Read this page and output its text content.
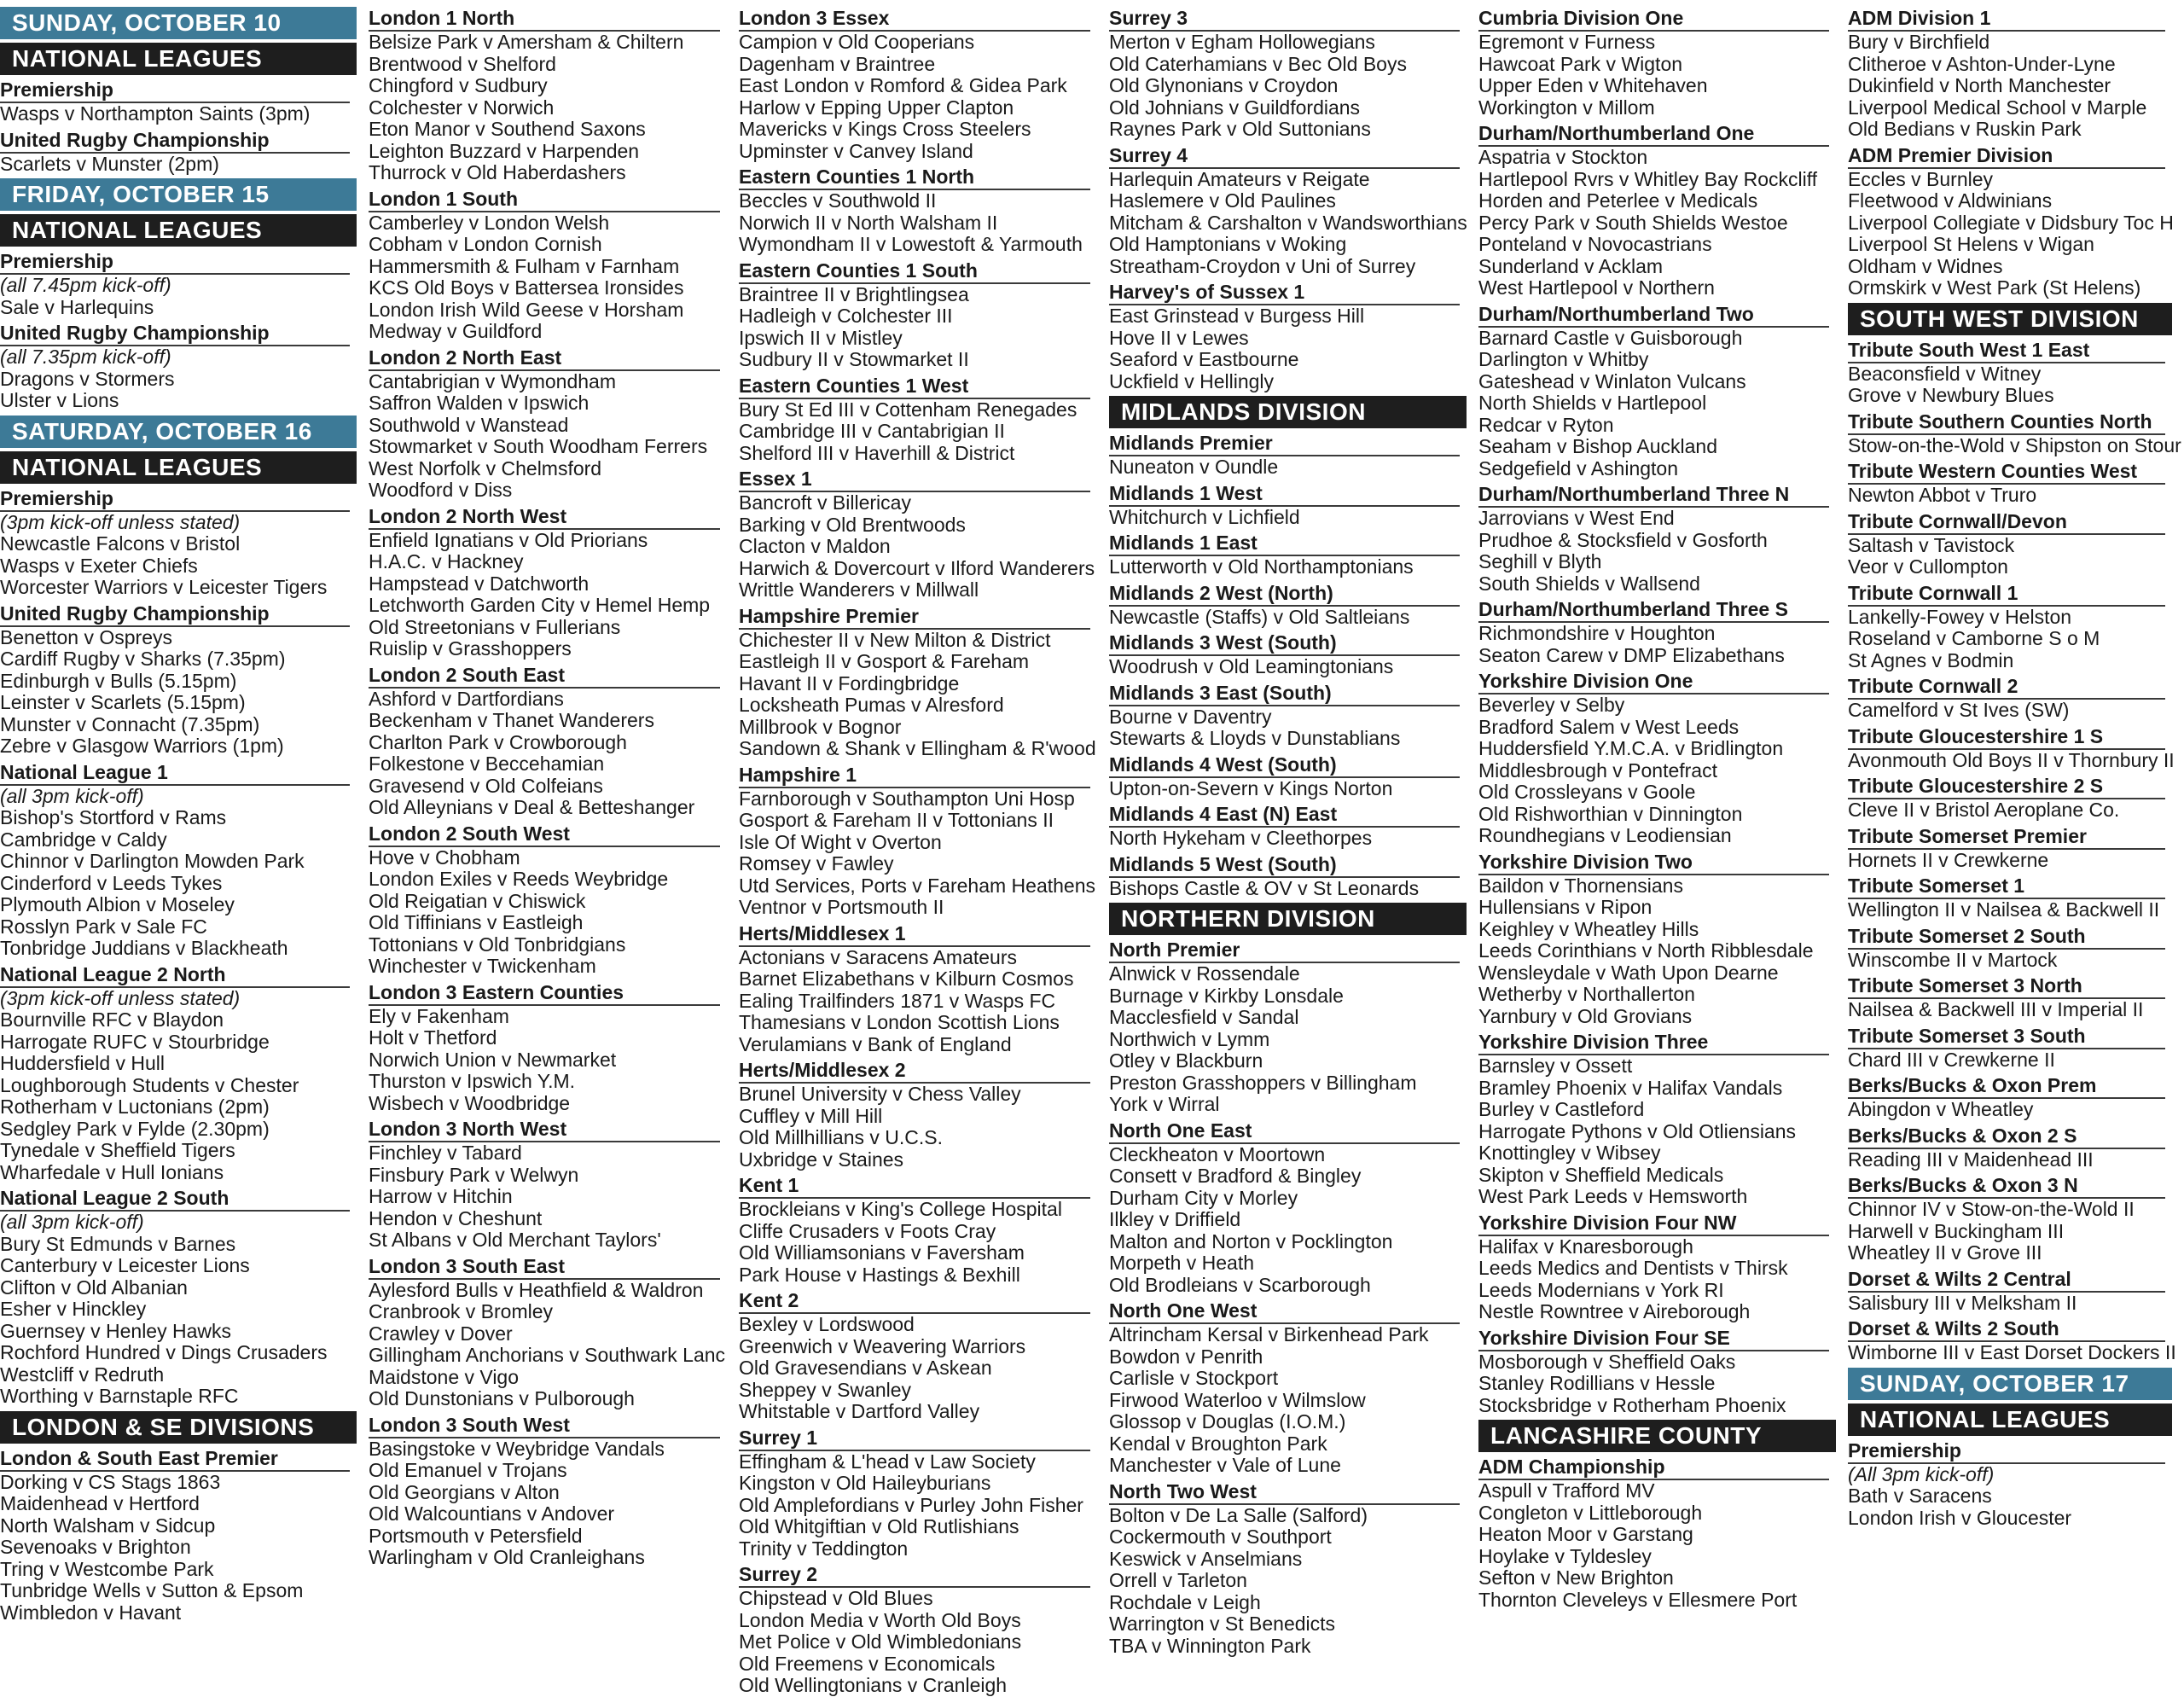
SUNDAY, OCTOBER 10
NATIONAL LEAGUES
Premiership
Wasps v Northampton Saints (3pm)
United Rugby Championship
Scarlets v Munster (2pm)
FRIDAY, OCTOBER 15
NATIONAL LEAGUES
Premiership
(all 7.45pm kick-off)
Sale v Harlequins
United Rugby Championship
(all 7.35pm kick-off)
Dragons v Stormers
Ulster v Lions
SATURDAY, OCTOBER 16
NATIONAL LEAGUES
Premiership
(3pm kick-off unless stated)
Newcastle Falcons v Bristol
Wasps v Exeter Chiefs
Worcester Warriors v Leicester Tigers
United Rugby Championship
Benetton v Ospreys
Cardiff Rugby v Sharks (7.35pm)
Edinburgh v Bulls (5.15pm)
Leinster v Scarlets (5.15pm)
Munster v Connacht (7.35pm)
Zebre v Glasgow Warriors (1pm)
National League 1
(all 3pm kick-off)
Bishop's Stortford v Rams
Cambridge v Caldy
Chinnor v Darlington Mowden Park
Cinderford v Leeds Tykes
Plymouth Albion v Moseley
Rosslyn Park v Sale FC
Tonbridge Juddians v Blackheath
National League 2 North
(3pm kick-off unless stated)
Bournville RFC v Blaydon
Harrogate RUFC v Stourbridge
Huddersfield v Hull
Loughborough Students v Chester
Rotherham v Luctonians (2pm)
Sedgley Park v Fylde (2.30pm)
Tynedale v Sheffield Tigers
Wharfedale v Hull Ionians
National League 2 South
(all 3pm kick-off)
Bury St Edmunds v Barnes
Canterbury v Leicester Lions
Clifton v Old Albanian
Esher v Hinckley
Guernsey v Henley Hawks
Rochford Hundred v Dings Crusaders
Westcliff v Redruth
Worthing v Barnstaple RFC
LONDON & SE DIVISIONS
London & South East Premier
Dorking v CS Stags 1863
Maidenhead v Hertford
North Walsham v Sidcup
Sevenoaks v Brighton
Tring v Westcombe Park
Tunbridge Wells v Sutton & Epsom
Wimbledon v Havant
London 1 North
Belsize Park v Amersham & Chiltern
Brentwood v Shelford
Chingford v Sudbury
Colchester v Norwich
Eton Manor v Southend Saxons
Leighton Buzzard v Harpenden
Thurrock v Old Haberdashers
London 1 South
Camberley v London Welsh
Cobham v London Cornish
Hammersmith & Fulham v Farnham
KCS Old Boys v Battersea Ironsides
London Irish Wild Geese v Horsham
Medway v Guildford
London 2 North East
Cantabrigian v Wymondham
Saffron Walden v Ipswich
Southwold v Wanstead
Stowmarket v South Woodham Ferrers
West Norfolk v Chelmsford
Woodford v Diss
London 2 North West
Enfield Ignatians v Old Priorians
H.A.C. v Hackney
Hampstead v Datchworth
Letchworth Garden City v Hemel Hemp
Old Streetonians v Fullerians
Ruislip v Grasshoppers
London 2 South East
Ashford v Dartfordians
Beckenham v Thanet Wanderers
Charlton Park v Crowborough
Folkestone v Beccehamian
Gravesend v Old Colfeians
Old Alleynians v Deal & Betteshanger
London 2 South West
Hove v Chobham
London Exiles v Reeds Weybridge
Old Reigatian v Chiswick
Old Tiffinians v Eastleigh
Tottonians v Old Tonbridgians
Winchester v Twickenham
London 3 Eastern Counties
Ely v Fakenham
Holt v Thetford
Norwich Union v Newmarket
Thurston v Ipswich Y.M.
Wisbech v Woodbridge
London 3 North West
Finchley v Tabard
Finsbury Park v Welwyn
Harrow v Hitchin
Hendon v Cheshunt
St Albans v Old Merchant Taylors'
London 3 South East
Aylesford Bulls v Heathfield & Waldron
Cranbrook v Bromley
Crawley v Dover
Gillingham Anchorians v Southwark Lanc
Maidstone v Vigo
Old Dunstonians v Pulborough
London 3 South West
Basingstoke v Weybridge Vandals
Old Emanuel v Trojans
Old Georgians v Alton
Old Walcountians v Andover
Portsmouth v Petersfield
Warlingham v Old Cranleighans
London 3 Essex
Campion v Old Cooperians
Dagenham v Braintree
East London v Romford & Gidea Park
Harlow v Epping Upper Clapton
Mavericks v Kings Cross Steelers
Upminster v Canvey Island
Eastern Counties 1 North
Beccles v Southwold II
Norwich II v North Walsham II
Wymondham II v Lowestoft & Yarmouth
Eastern Counties 1 South
Braintree II v Brightlingsea
Hadleigh v Colchester III
Ipswich II v Mistley
Sudbury II v Stowmarket II
Eastern Counties 1 West
Bury St Ed III v Cottenham Renegades
Cambridge III v Cantabrigian II
Shelford III v Haverhill & District
Essex 1
Bancroft v Billericay
Barking v Old Brentwoods
Clacton v Maldon
Harwich & Dovercourt v Ilford Wanderers
Writtle Wanderers v Millwall
Hampshire Premier
Chichester II v New Milton & District
Eastleigh II v Gosport & Fareham
Havant II v Fordingbridge
Locksheath Pumas v Alresford
Millbrook v Bognor
Sandown & Shank v Ellingham & R'wood
Hampshire 1
Farnborough v Southampton Uni Hosp
Gosport & Fareham II v Tottonians II
Isle Of Wight v Overton
Romsey v Fawley
Utd Services, Ports v Fareham Heathens
Ventnor v Portsmouth II
Herts/Middlesex 1
Actonians v Saracens Amateurs
Barnet Elizabethans v Kilburn Cosmos
Ealing Trailfinders 1871 v Wasps FC
Thamesians v London Scottish Lions
Verulamians v Bank of England
Herts/Middlesex 2
Brunel University v Chess Valley
Cuffley v Mill Hill
Old Millhillians v U.C.S.
Uxbridge v Staines
Kent 1
Brockleians v King's College Hospital
Cliffe Crusaders v Foots Cray
Old Williamsonians v Faversham
Park House v Hastings & Bexhill
Kent 2
Bexley v Lordswood
Greenwich v Weavering Warriors
Old Gravesendians v Askean
Sheppey v Swanley
Whitstable v Dartford Valley
Surrey 1
Effingham & L'head v Law Society
Kingston v Old Haileyburians
Old Amplefordians v Purley John Fisher
Old Whitgiftian v Old Rutlishians
Trinity v Teddington
Surrey 2
Chipstead v Old Blues
London Media v Worth Old Boys
Met Police v Old Wimbledonians
Old Freemens v Economicals
Old Wellingtonians v Cranleigh
Surrey 3
Merton v Egham Hollowegians
Old Caterhamians v Bec Old Boys
Old Glynonians v Croydon
Old Johnians v Guildfordians
Raynes Park v Old Suttonians
Surrey 4
Harlequin Amateurs v Reigate
Haslemere v Old Paulines
Mitcham & Carshalton v Wandsworthians
Old Hamptonians v Woking
Streatham-Croydon v Uni of Surrey
Harvey's of Sussex 1
East Grinstead v Burgess Hill
Hove II v Lewes
Seaford v Eastbourne
Uckfield v Hellingly
MIDLANDS DIVISION
Midlands Premier
Nuneaton v Oundle
Midlands 1 West
Whitchurch v Lichfield
Midlands 1 East
Lutterworth v Old Northamptonians
Midlands 2 West (North)
Newcastle (Staffs) v Old Saltleians
Midlands 3 West (South)
Woodrush v Old Leamingtonians
Midlands 3 East (South)
Bourne v Daventry
Stewarts & Lloyds v Dunstablians
Midlands 4 West (South)
Upton-on-Severn v Kings Norton
Midlands 4 East (N) East
North Hykeham v Cleethorpes
Midlands 5 West (South)
Bishops Castle & OV v St Leonards
NORTHERN DIVISION
North Premier
Alnwick v Rossendale
Burnage v Kirkby Lonsdale
Macclesfield v Sandal
Northwich v Lymm
Otley v Blackburn
Preston Grasshoppers v Billingham
York v Wirral
North One East
Cleckheaton v Moortown
Consett v Bradford & Bingley
Durham City v Morley
Ilkley v Driffield
Malton and Norton v Pocklington
Morpeth v Heath
Old Brodleians v Scarborough
North One West
Altrincham Kersal v Birkenhead Park
Bowdon v Penrith
Carlisle v Stockport
Firwood Waterloo v Wilmslow
Glossop v Douglas (I.O.M.)
Kendal v Broughton Park
Manchester v Vale of Lune
North Two West
Bolton v De La Salle (Salford)
Cockermouth v Southport
Keswick v Anselmians
Orrell v Tarleton
Rochdale v Leigh
Warrington v St Benedicts
TBA v Winnington Park
Cumbria Division One
Egremont v Furness
Hawcoat Park v Wigton
Upper Eden v Whitehaven
Workington v Millom
Durham/Northumberland One
Aspatria v Stockton
Hartlepool Rvrs v Whitley Bay Rockcliff
Horden and Peterlee v Medicals
Percy Park v South Shields Westoe
Ponteland v Novocastrians
Sunderland v Acklam
West Hartlepool v Northern
Durham/Northumberland Two
Barnard Castle v Guisborough
Darlington v Whitby
Gateshead v Winlaton Vulcans
North Shields v Hartlepool
Redcar v Ryton
Seaham v Bishop Auckland
Sedgefield v Ashington
Durham/Northumberland Three N
Jarrovians v West End
Prudhoe & Stocksfield v Gosforth
Seghill v Blyth
South Shields v Wallsend
Durham/Northumberland Three S
Richmondshire v Houghton
Seaton Carew v DMP Elizabethans
Yorkshire Division One
Beverley v Selby
Bradford Salem v West Leeds
Huddersfield Y.M.C.A. v Bridlington
Middlesbrough v Pontefract
Old Crossleyans v Goole
Old Rishworthian v Dinnington
Roundhegians v Leodiensian
Yorkshire Division Two
Baildon v Thornensians
Hullensians v Ripon
Keighley v Wheatley Hills
Leeds Corinthians v North Ribblesdale
Wensleydale v Wath Upon Dearne
Wetherby v Northallerton
Yarnbury v Old Grovians
Yorkshire Division Three
Barnsley v Ossett
Bramley Phoenix v Halifax Vandals
Burley v Castleford
Harrogate Pythons v Old Otliensians
Knottingley v Wibsey
Skipton v Sheffield Medicals
West Park Leeds v Hemsworth
Yorkshire Division Four NW
Halifax v Knaresborough
Leeds Medics and Dentists v Thirsk
Leeds Modernians v York RI
Nestle Rowntree v Aireborough
Yorkshire Division Four SE
Mosborough v Sheffield Oaks
Stanley Rodillians v Hessle
Stocksbridge v Rotherham Phoenix
LANCASHIRE COUNTY
ADM Championship
Aspull v Trafford MV
Congleton v Littleborough
Heaton Moor v Garstang
Hoylake v Tyldesley
Sefton v New Brighton
Thornton Cleveleys v Ellesmere Port
ADM Division 1
Bury v Birchfield
Clitheroe v Ashton-Under-Lyne
Dukinfield v North Manchester
Liverpool Medical School v Marple
Old Bedians v Ruskin Park
ADM Premier Division
Eccles v Burnley
Fleetwood v Aldwinians
Liverpool Collegiate v Didsbury Toc H
Liverpool St Helens v Wigan
Oldham v Widnes
Ormskirk v West Park (St Helens)
SOUTH WEST DIVISION
Tribute South West 1 East
Beaconsfield v Witney
Grove v Newbury Blues
Tribute Southern Counties North
Stow-on-the-Wold v Shipston on Stour
Tribute Western Counties West
Newton Abbot v Truro
Tribute Cornwall/Devon
Saltash v Tavistock
Veor v Cullompton
Tribute Cornwall 1
Lankelly-Fowey v Helston
Roseland v Camborne S o M
St Agnes v Bodmin
Tribute Cornwall 2
Camelford v St Ives (SW)
Tribute Gloucestershire 1 S
Avonmouth Old Boys II v Thornbury II
Tribute Gloucestershire 2 S
Cleve II v Bristol Aeroplane Co.
Tribute Somerset Premier
Hornets II v Crewkerne
Tribute Somerset 1
Wellington II v Nailsea & Backwell II
Tribute Somerset 2 South
Winscombe II v Martock
Tribute Somerset 3 North
Nailsea & Backwell III v Imperial II
Tribute Somerset 3 South
Chard III v Crewkerne II
Berks/Bucks & Oxon Prem
Abingdon v Wheatley
Berks/Bucks & Oxon 2 S
Reading III v Maidenhead III
Berks/Bucks & Oxon 3 N
Chinnor IV v Stow-on-the-Wold II
Harwell v Buckingham III
Wheatley II v Grove III
Dorset & Wilts 2 Central
Salisbury III v Melksham II
Dorset & Wilts 2 South
Wimborne III v East Dorset Dockers II
SUNDAY, OCTOBER 17
NATIONAL LEAGUES
Premiership
(All 3pm kick-off)
Bath v Saracens
London Irish v Gloucester
